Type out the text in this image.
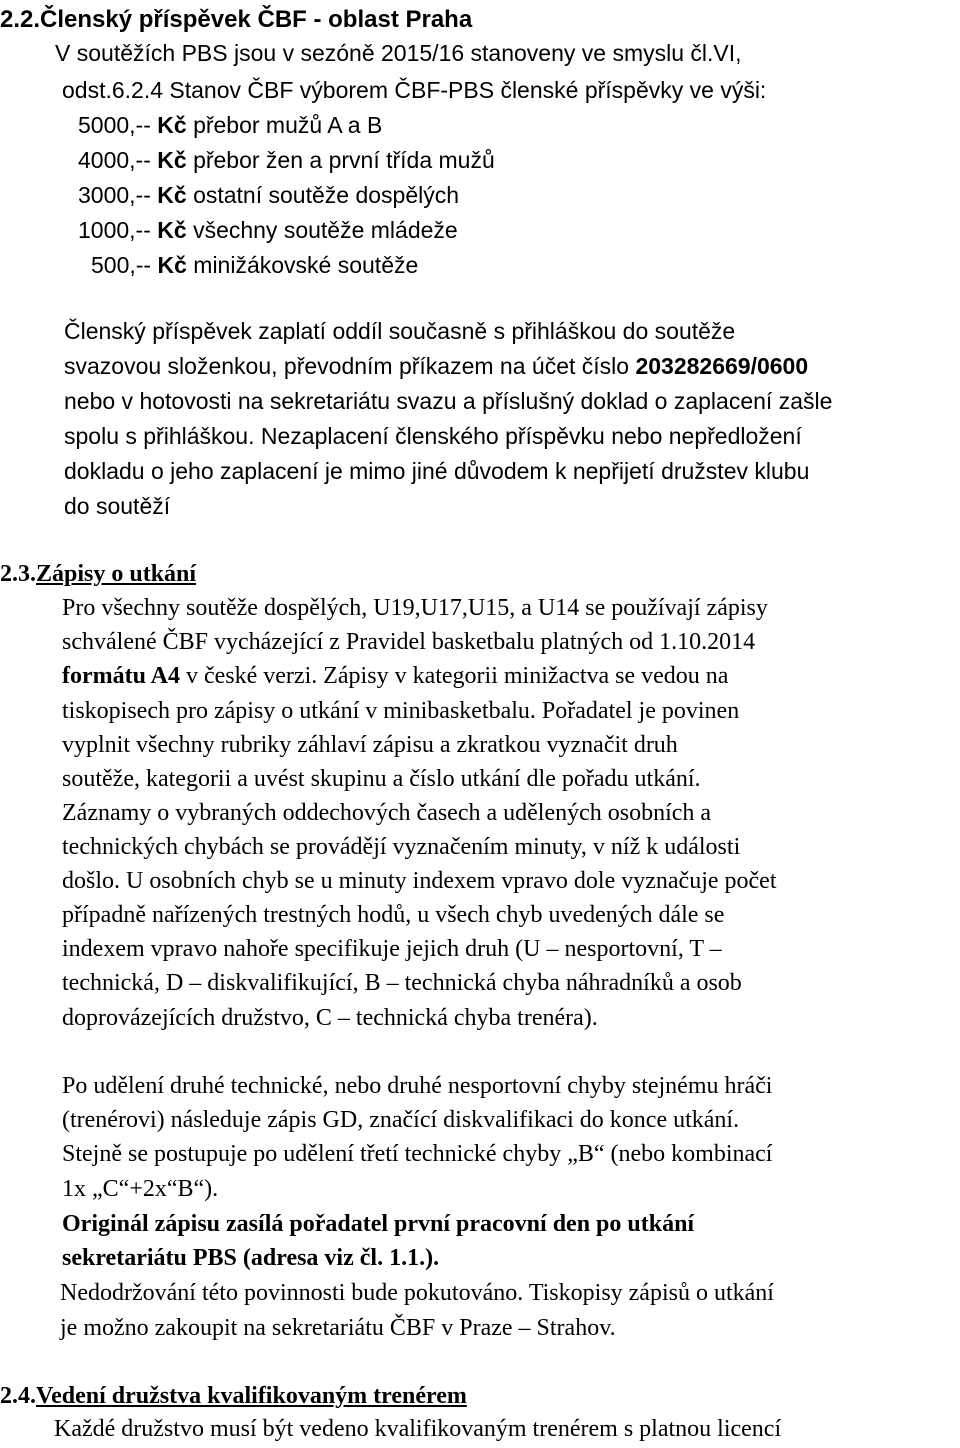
2.2.Členský příspěvek ČBF - oblast Praha
V soutěžích PBS jsou v sezóně 2015/16 stanoveny ve smyslu čl.VI,
odst.6.2.4 Stanov ČBF výborem ČBF-PBS členské příspěvky ve výši:
5000,-- Kč přebor mužů A a B
4000,-- Kč přebor žen a první třída mužů
3000,-- Kč ostatní soutěže dospělých
1000,-- Kč všechny soutěže mládeže
500,-- Kč minižákovské soutěže
Členský příspěvek zaplatí oddíl současně s přihláškou do soutěže
svazovou složenkou, převodním příkazem na účet číslo 203282669/0600
nebo v hotovosti na sekretariátu svazu a příslušný doklad o zaplacení zašle
spolu s přihláškou. Nezaplacení členského příspěvku nebo nepředložení
dokladu o jeho zaplacení je mimo jiné důvodem k nepřijetí družstev klubu
do soutěží
2.3.Zápisy o utkání
Pro všechny soutěže dospělých, U19,U17,U15, a U14 se používají zápisy
schválené ČBF vycházející z Pravidel basketbalu platných od 1.10.2014
formátu A4 v české verzi. Zápisy v kategorii minižactva se vedou na
tiskopisech pro zápisy o utkání v minibasketbalu. Pořadatel je povinen
vyplnit všechny rubriky záhlaví zápisu a zkratkou vyznačit druh
soutěže, kategorii a uvést skupinu a číslo utkání dle pořadu utkání.
Záznamy o vybraných oddechových časech a udělených osobních a
technických chybách se provádějí vyznačením minuty, v níž k události
došlo. U osobních chyb se u minuty indexem vpravo dole vyznačuje počet
případně nařízených trestných hodů, u všech chyb uvedených dále se
indexem vpravo nahoře specifikuje jejich druh (U – nesportovní, T –
technická, D – diskvalifikující, B – technická chyba náhradníků a osob
doprovázejících družstvo, C – technická chyba trenéra).
Po udělení druhé technické, nebo druhé nesportovní chyby stejnému hráči
(trenérovi) následuje zápis GD, značící diskvalifikaci do konce utkání.
Stejně se postupuje po udělení třetí technické chyby „B“ (nebo kombinací
1x „C“+2x“B“).
Originál zápisu zasílá pořadatel první pracovní den po utkání
sekretariátu PBS (adresa viz čl. 1.1.).
Nedodržování této povinnosti bude pokutováno. Tiskopisy zápisů o utkání
je možno zakoupit na sekretariátu ČBF v Praze – Strahov.
2.4.Vedení družstva kvalifikovaným trenérem
Každé družstvo musí být vedeno kvalifikovaným trenérem s platnou licencí
